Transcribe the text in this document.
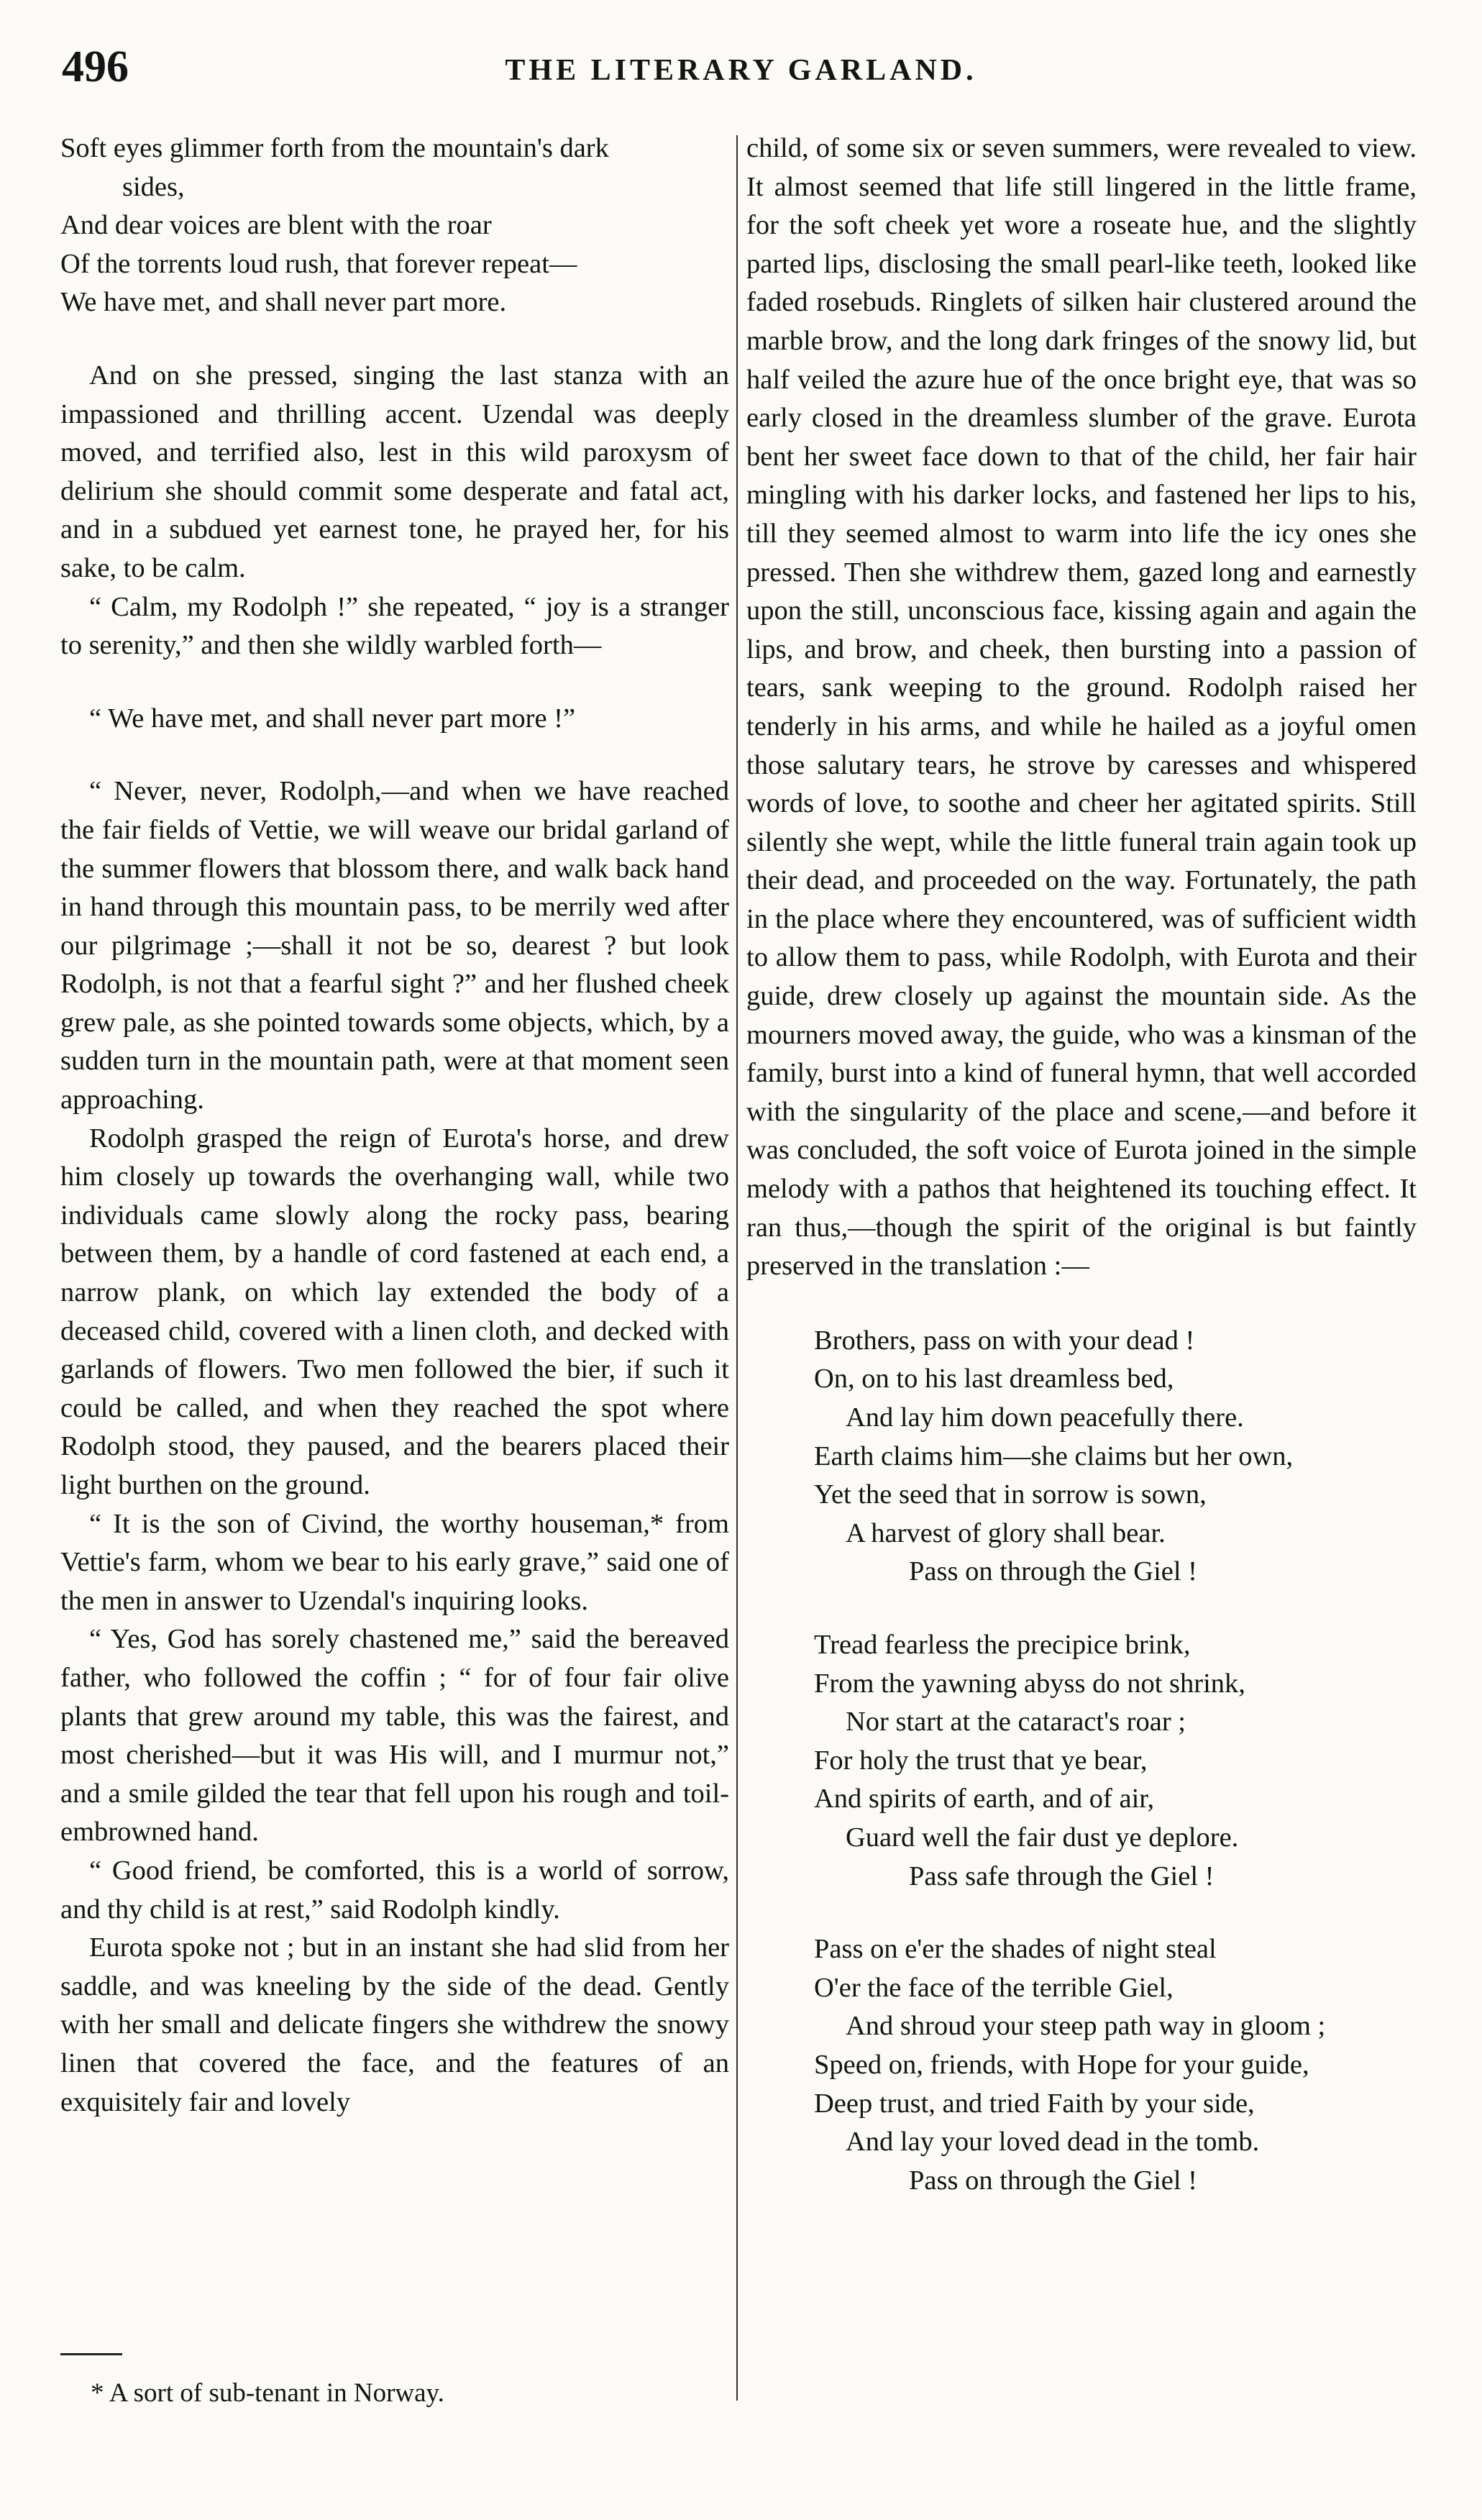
496	THE LITERARY GARLAND.
Soft eyes glimmer forth from the mountain's dark
sides,
And dear voices are blent with the roar
Of the torrents loud rush, that forever repeat—
We have met, and shall never part more.

And on she pressed, singing the last stanza with an impassioned and thrilling accent. Uzendal was deeply moved, and terrified also, lest in this wild paroxysm of delirium she should commit some desperate and fatal act, and in a subdued yet earnest tone, he prayed her, for his sake, to be calm.

“ Calm, my Rodolph !” she repeated, “ joy is a stranger to serenity,” and then she wildly warbled forth—

“ We have met, and shall never part more !”

“ Never, never, Rodolph,—and when we have reached the fair fields of Vettie, we will weave our bridal garland of the summer flowers that blossom there, and walk back hand in hand through this mountain pass, to be merrily wed after our pilgrimage ;—shall it not be so, dearest ? but look Rodolph, is not that a fearful sight ?” and her flushed cheek grew pale, as she pointed towards some objects, which, by a sudden turn in the mountain path, were at that moment seen approaching.

Rodolph grasped the reign of Eurota's horse, and drew him closely up towards the overhanging wall, while two individuals came slowly along the rocky pass, bearing between them, by a handle of cord fastened at each end, a narrow plank, on which lay extended the body of a deceased child, covered with a linen cloth, and decked with garlands of flowers. Two men followed the bier, if such it could be called, and when they reached the spot where Rodolph stood, they paused, and the bearers placed their light burthen on the ground.

“ It is the son of Civind, the worthy houseman,* from Vettie's farm, whom we bear to his early grave,” said one of the men in answer to Uzendal's inquiring looks.

“ Yes, God has sorely chastened me,” said the bereaved father, who followed the coffin ; “ for of four fair olive plants that grew around my table, this was the fairest, and most cherished—but it was His will, and I murmur not,” and a smile gilded the tear that fell upon his rough and toil-embrowned hand.

“ Good friend, be comforted, this is a world of sorrow, and thy child is at rest,” said Rodolph kindly.

Eurota spoke not ; but in an instant she had slid from her saddle, and was kneeling by the side of the dead. Gently with her small and delicate fingers she withdrew the snowy linen that covered the face, and the features of an exquisitely fair and lovely

child, of some six or seven summers, were revealed to view. It almost seemed that life still lingered in the little frame, for the soft cheek yet wore a roseate hue, and the slightly parted lips, disclosing the small pearl-like teeth, looked like faded rosebuds. Ringlets of silken hair clustered around the marble brow, and the long dark fringes of the snowy lid, but half veiled the azure hue of the once bright eye, that was so early closed in the dreamless slumber of the grave. Eurota bent her sweet face down to that of the child, her fair hair mingling with his darker locks, and fastened her lips to his, till they seemed almost to warm into life the icy ones she pressed. Then she withdrew them, gazed long and earnestly upon the still, unconscious face, kissing again and again the lips, and brow, and cheek, then bursting into a passion of tears, sank weeping to the ground. Rodolph raised her tenderly in his arms, and while he hailed as a joyful omen those salutary tears, he strove by caresses and whispered words of love, to soothe and cheer her agitated spirits. Still silently she wept, while the little funeral train again took up their dead, and proceeded on the way. Fortunately, the path in the place where they encountered, was of sufficient width to allow them to pass, while Rodolph, with Eurota and their guide, drew closely up against the mountain side. As the mourners moved away, the guide, who was a kinsman of the family, burst into a kind of funeral hymn, that well accorded with the singularity of the place and scene,—and before it was concluded, the soft voice of Eurota joined in the simple melody with a pathos that heightened its touching effect. It ran thus,—though the spirit of the original is but faintly preserved in the translation :—

Brothers, pass on with your dead !
On, on to his last dreamless bed,
And lay him down peacefully there.
Earth claims him—she claims but her own,
Yet the seed that in sorrow is sown,
A harvest of glory shall bear.
Pass on through the Giel !
Tread fearless the precipice brink,
From the yawning abyss do not shrink,
Nor start at the cataract's roar ;
For holy the trust that ye bear,
And spirits of earth, and of air,
Guard well the fair dust ye deplore.
Pass safe through the Giel !
Pass on e'er the shades of night steal
O'er the face of the terrible Giel,
And shroud your steep path way in gloom ;
Speed on, friends, with Hope for your guide,
Deep trust, and tried Faith by your side,
And lay your loved dead in the tomb.
Pass on through the Giel !
* A sort of sub-tenant in Norway.
